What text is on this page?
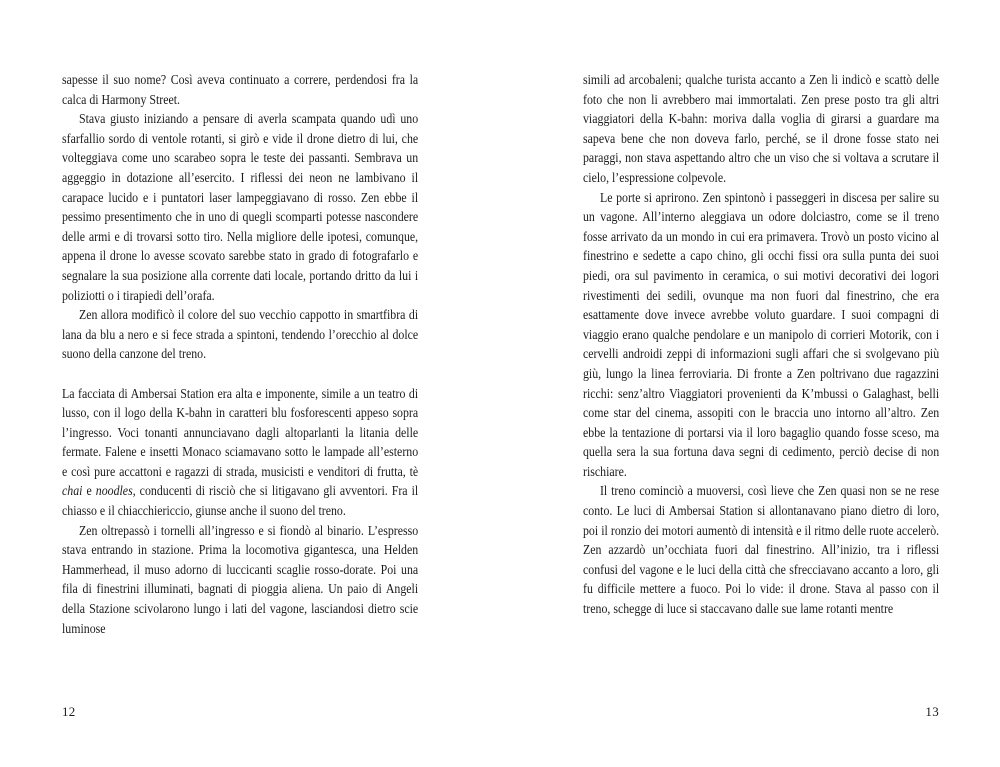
sapesse il suo nome? Così aveva continuato a correre, perdendosi fra la calca di Harmony Street.

Stava giusto iniziando a pensare di averla scampata quando udì uno sfarfallio sordo di ventole rotanti, si girò e vide il drone dietro di lui, che volteggiava come uno scarabeo sopra le teste dei passanti. Sembrava un aggeggio in dotazione all’esercito. I riflessi dei neon ne lambivano il carapace lucido e i puntatori laser lampeggiavano di rosso. Zen ebbe il pessimo presentimento che in uno di quegli scomparti potesse nascondere delle armi e di trovarsi sotto tiro. Nella migliore delle ipotesi, comunque, appena il drone lo avesse scovato sarebbe stato in grado di fotografarlo e segnalare la sua posizione alla corrente dati locale, portando dritto da lui i poliziotti o i tirapiedi dell’orafa.

Zen allora modificò il colore del suo vecchio cappotto in smartfibra di lana da blu a nero e si fece strada a spintoni, tendendo l’orecchio al dolce suono della canzone del treno.

La facciata di Ambersai Station era alta e imponente, simile a un teatro di lusso, con il logo della K-bahn in caratteri blu fosforescenti appeso sopra l’ingresso. Voci tonanti annunciavano dagli altoparlanti la litania delle fermate. Falene e insetti Monaco sciamavano sotto le lampade all’esterno e così pure accattoni e ragazzi di strada, musicisti e venditori di frutta, tè chai e noodles, conducenti di risciò che si litigavano gli avventori. Fra il chiasso e il chiacchiericcio, giunse anche il suono del treno.

Zen oltrepassò i tornelli all’ingresso e si fiondò al binario. L’espresso stava entrando in stazione. Prima la locomotiva gigantesca, una Helden Hammerhead, il muso adorno di luccicanti scaglie rosso-dorate. Poi una fila di finestrini illuminati, bagnati di pioggia aliena. Un paio di Angeli della Stazione scivolarono lungo i lati del vagone, lasciandosi dietro scie luminose

simili ad arcobaleni; qualche turista accanto a Zen li indicò e scattò delle foto che non li avrebbero mai immortalati. Zen prese posto tra gli altri viaggiatori della K-bahn: moriva dalla voglia di girarsi a guardare ma sapeva bene che non doveva farlo, perché, se il drone fosse stato nei paraggi, non stava aspettando altro che un viso che si voltava a scrutare il cielo, l’espressione colpevole.

Le porte si aprirono. Zen spintonò i passeggeri in discesa per salire su un vagone. All’interno aleggiava un odore dolciastro, come se il treno fosse arrivato da un mondo in cui era primavera. Trovò un posto vicino al finestrino e sedette a capo chino, gli occhi fissi ora sulla punta dei suoi piedi, ora sul pavimento in ceramica, o sui motivi decorativi dei logori rivestimenti dei sedili, ovunque ma non fuori dal finestrino, che era esattamente dove invece avrebbe voluto guardare. I suoi compagni di viaggio erano qualche pendolare e un manipolo di corrieri Motorik, con i cervelli androidi zeppi di informazioni sugli affari che si svolgevano più giù, lungo la linea ferroviaria. Di fronte a Zen poltrivano due ragazzini ricchi: senz’altro Viaggiatori provenienti da K’mbussi o Galaghast, belli come star del cinema, assopiti con le braccia uno intorno all’altro. Zen ebbe la tentazione di portarsi via il loro bagaglio quando fosse sceso, ma quella sera la sua fortuna dava segni di cedimento, perciò decise di non rischiare.

Il treno cominciò a muoversi, così lieve che Zen quasi non se ne rese conto. Le luci di Ambersai Station si allontanavano piano dietro di loro, poi il ronzio dei motori aumentò di intensità e il ritmo delle ruote accelerò. Zen azzardò un’occhiata fuori dal finestrino. All’inizio, tra i riflessi confusi del vagone e le luci della città che sfrecciavano accanto a loro, gli fu difficile mettere a fuoco. Poi lo vide: il drone. Stava al passo con il treno, schegge di luce si staccavano dalle sue lame rotanti mentre

12	13
